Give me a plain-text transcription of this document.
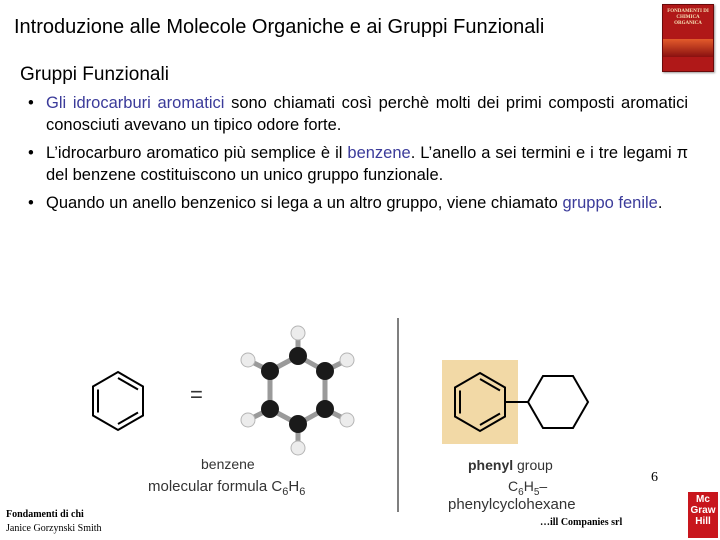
Introduzione alle Molecole Organiche e ai Gruppi Funzionali
FONDAMENTI DI CHIMICA ORGANICA
Gruppi Funzionali
• Gli idrocarburi aromatici sono chiamati così perchè molti dei primi composti aromatici conosciuti avevano un tipico odore forte.
• L’idrocarburo aromatico più semplice è il benzene. L’anello a sei termini e i tre legami π del benzene costituiscono un unico gruppo funzionale.
• Quando un anello benzenico si lega a un altro gruppo, viene chiamato gruppo fenile.
=
benzene
molecular formula $C_6H_6$
phenyl group
$C_6H_5-$
phenylcyclohexane
6
Fondamenti di chi
Janice Gorzynski Smith
…ill Companies srl
Mc Graw Hill
